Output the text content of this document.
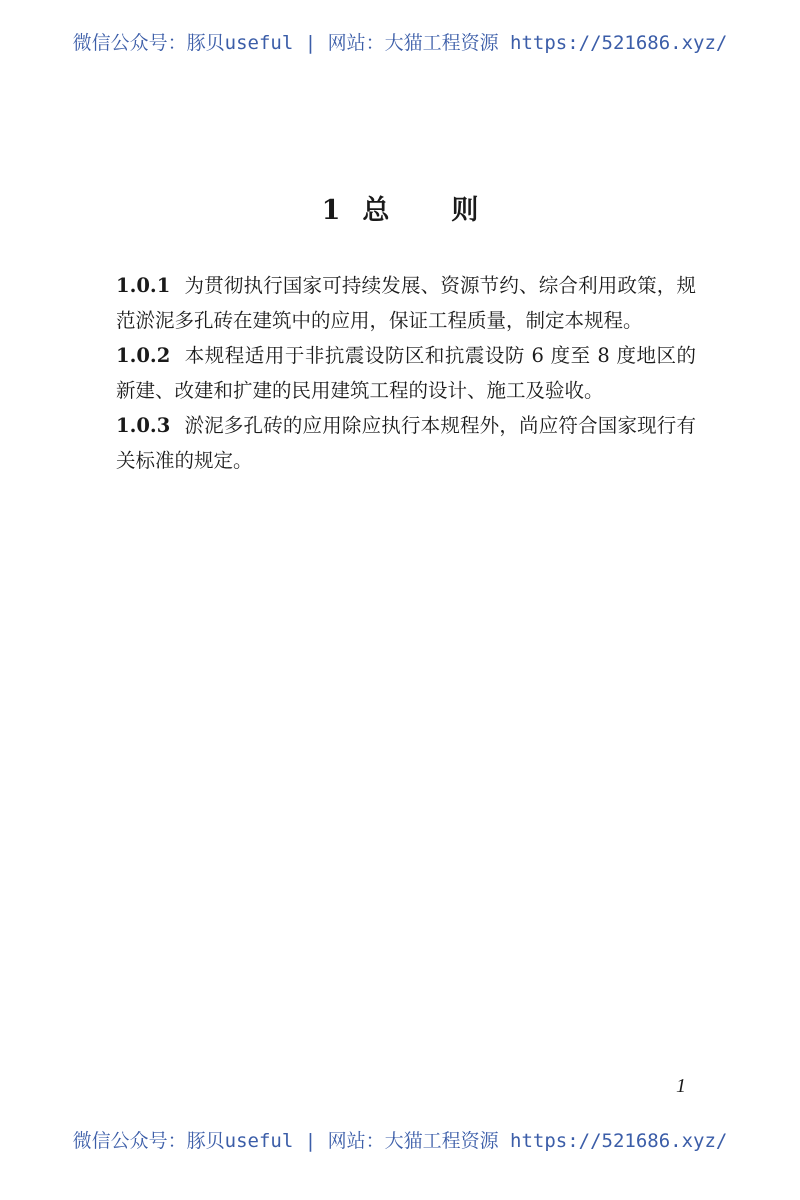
微信公众号：豚贝useful | 网站：大猫工程资源 https://521686.xyz/
1 总则

1.0.1 为贯彻执行国家可持续发展、资源节约、综合利用政策，规范淤泥多孔砖在建筑中的应用，保证工程质量，制定本规程。

1.0.2 本规程适用于非抗震设防区和抗震设防 6 度至 8 度地区的新建、改建和扩建的民用建筑工程的设计、施工及验收。

1.0.3 淤泥多孔砖的应用除应执行本规程外，尚应符合国家现行有关标准的规定。

1
微信公众号：豚贝useful | 网站：大猫工程资源 https://521686.xyz/
